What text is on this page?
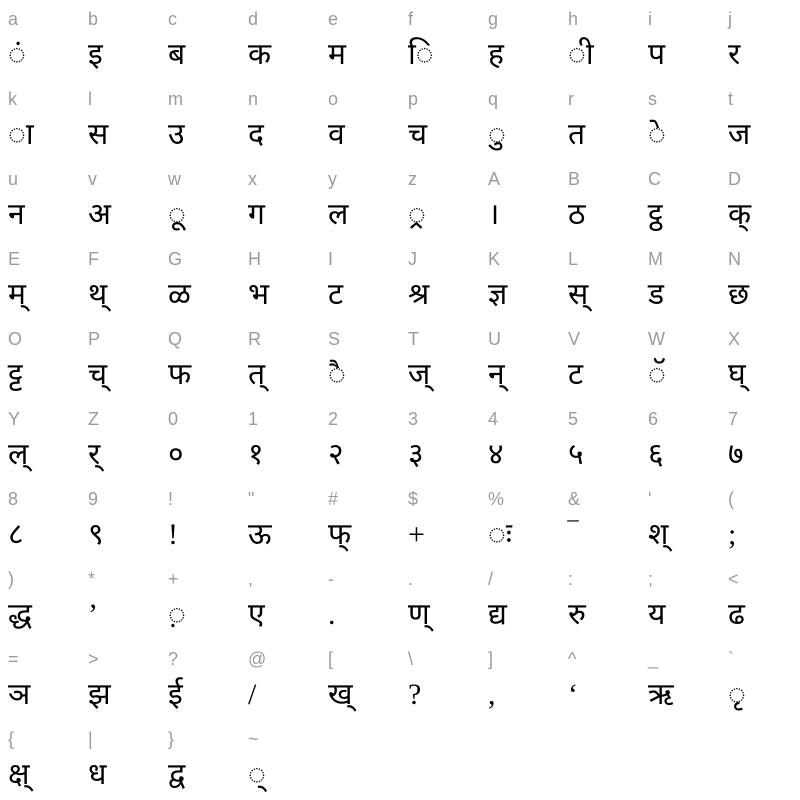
a
ं
b
इ
c
ब
d
क
e
म
f
ि
g
ह
h
ी
i
प
j
र
k
ा
l
स
m
उ
n
द
o
व
p
च
q
ु
r
त
s
े
t
ज
u
न
v
अ
w
ू
x
ग
y
ल
z
्र
A
।
B
ठ
C
ट्ठ
D
क्
E
म्
F
थ्
G
ळ
H
भ
I
ट
J
श्र
K
ज्ञ
L
स्
M
ड
N
छ
O
ट्ट
P
च्
Q
फ
R
त्
S
ै
T
ज्
U
न्
V
ट
W
ॅ
X
घ्
Y
ल्
Z
र्
0
०
1
१
2
२
3
३
4
४
5
५
6
६
7
७
8
८
9
९
!
!
"
ऊ
#
फ्
$
+
%
ः
&
‾
'
श्
(
;
)
द्ध
*
’
+
़
,
ए
-
.
.
ण्
/
द्य
:
रु
;
य
<
ढ
=
ञ
>
झ
?
ई
@
/
[
ख्
\
?
]
,
^
‘
_
ऋ
`
ृ
{
क्ष्
|
ध
}
द्व
~
्
